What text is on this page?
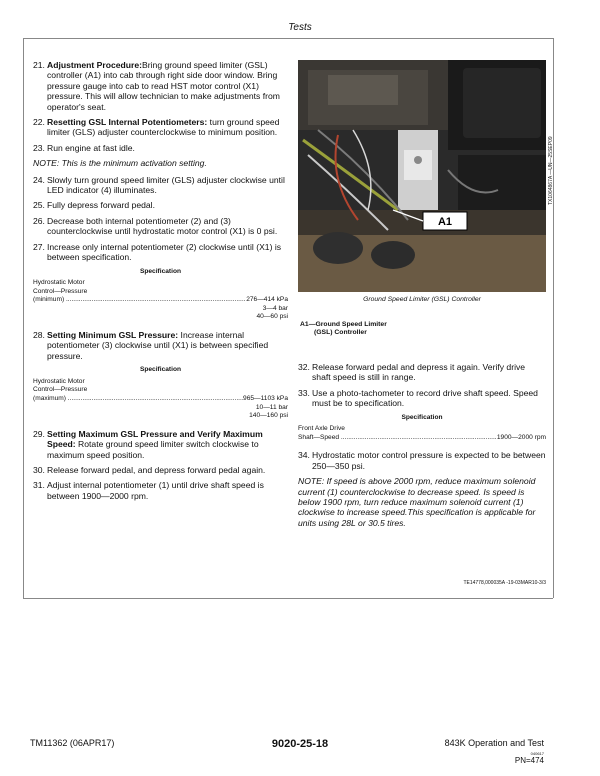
Tests
21. Adjustment Procedure:Bring ground speed limiter (GSL) controller (A1) into cab through right side door window. Bring pressure gauge into cab to read HST motor control (X1) pressure. This will allow technician to make adjustments from operator's seat.
22. Resetting GSL Internal Potentiometers: turn ground speed limiter (GLS) adjuster counterclockwise to minimum position.
23. Run engine at fast idle.
NOTE: This is the minimum activation setting.
24. Slowly turn ground speed limiter (GLS) adjuster clockwise until LED indicator (4) illuminates.
25. Fully depress forward pedal.
26. Decrease both internal potentiometer (2) and (3) counterclockwise until hydrostatic motor control (X1) is 0 psi.
27. Increase only internal potentiometer (2) clockwise until (X1) is between specification.
Specification
Hydrostatic Motor
Control—Pressure
(minimum) .....	276—414 kPa
3—4 bar
40—60 psi
28. Setting Minimum GSL Pressure: Increase internal potentiometer (3) clockwise until (X1) is between specified pressure.
Specification
Hydrostatic Motor
Control—Pressure
(maximum) .....	965—1103 kPa
10—11 bar
140—160 psi
29. Setting Maximum GSL Pressure and Verify Maximum Speed: Rotate ground speed limiter switch clockwise to maximum speed position.
30. Release forward pedal, and depress forward pedal again.
31. Adjust internal potentiometer (1) until drive shaft speed is between 1900—2000 rpm.
A1
TX1064867A —UN—25SEP09
Ground Speed Limiter (GSL) Controller
A1—Ground Speed Limiter
(GSL) Controller
32. Release forward pedal and depress it again. Verify drive shaft speed is still in range.
33. Use a photo-tachometer to record drive shaft speed. Speed must be to specification.
Specification
Front Axle Drive
Shaft—Speed .....	1900—2000 rpm
34. Hydrostatic motor control pressure is expected to be between 250—350 psi.
NOTE: If speed is above 2000 rpm, reduce maximum solenoid current (1) counterclockwise to decrease speed. Is speed is below 1900 rpm, turn reduce maximum solenoid current (1) clockwise to increase speed.This specification is applicable for units using 28L or 30.5 tires.
TE14778,000035A -19-03MAR10-3/3
TM11362 (06APR17)	9020-25-18	843K Operation and Test
040617
PN=474
